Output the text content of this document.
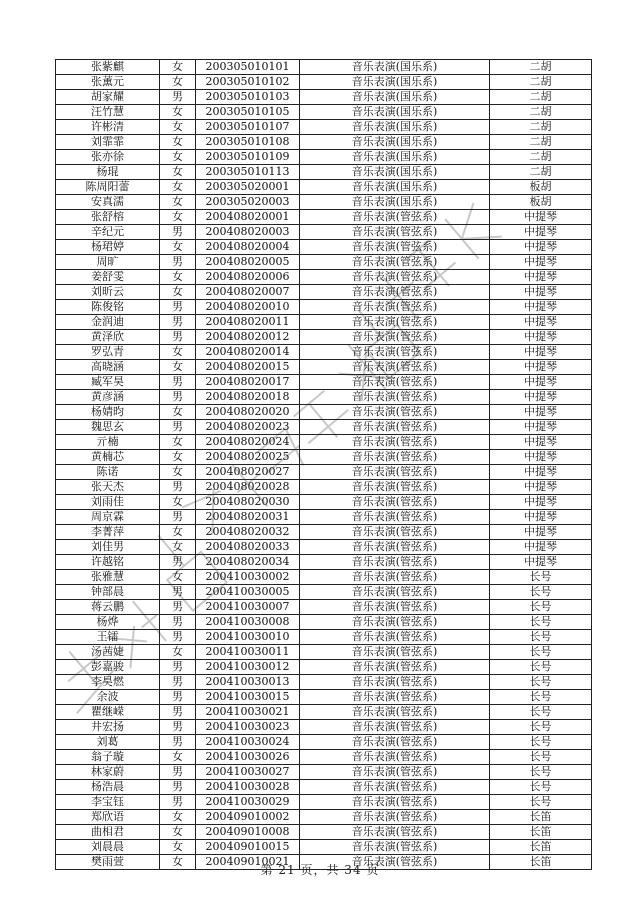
张紫麒	女	200305010101	音乐表演(国乐系)	二胡
张薰元	女	200305010102	音乐表演(国乐系)	二胡
胡家耀	男	200305010103	音乐表演(国乐系)	二胡
汪竹慧	女	200305010105	音乐表演(国乐系)	二胡
许彬清	女	200305010107	音乐表演(国乐系)	二胡
刘霏霏	女	200305010108	音乐表演(国乐系)	二胡
张亦徐	女	200305010109	音乐表演(国乐系)	二胡
杨琨	女	200305010113	音乐表演(国乐系)	二胡
陈周阳蕾	女	200305020001	音乐表演(国乐系)	板胡
安真濡	女	200305020003	音乐表演(国乐系)	板胡
张舒榕	女	200408020001	音乐表演(管弦系)	中提琴
辛纪元	男	200408020003	音乐表演(管弦系)	中提琴
杨珺婷	女	200408020004	音乐表演(管弦系)	中提琴
周旷	男	200408020005	音乐表演(管弦系)	中提琴
姜舒雯	女	200408020006	音乐表演(管弦系)	中提琴
刘昕云	女	200408020007	音乐表演(管弦系)	中提琴
陈俊铭	男	200408020010	音乐表演(管弦系)	中提琴
金润迪	男	200408020011	音乐表演(管弦系)	中提琴
黄泽欣	男	200408020012	音乐表演(管弦系)	中提琴
罗弘青	女	200408020014	音乐表演(管弦系)	中提琴
高晓涵	女	200408020015	音乐表演(管弦系)	中提琴
臧军昊	男	200408020017	音乐表演(管弦系)	中提琴
黄彦涵	男	200408020018	音乐表演(管弦系)	中提琴
杨婧昀	女	200408020020	音乐表演(管弦系)	中提琴
魏思玄	男	200408020023	音乐表演(管弦系)	中提琴
亓楠	女	200408020024	音乐表演(管弦系)	中提琴
黄楠芯	女	200408020025	音乐表演(管弦系)	中提琴
陈诺	女	200408020027	音乐表演(管弦系)	中提琴
张天杰	男	200408020028	音乐表演(管弦系)	中提琴
刘雨佳	女	200408020030	音乐表演(管弦系)	中提琴
周京霖	男	200408020031	音乐表演(管弦系)	中提琴
李菁萍	女	200408020032	音乐表演(管弦系)	中提琴
刘佳男	女	200408020033	音乐表演(管弦系)	中提琴
许越铭	男	200408020034	音乐表演(管弦系)	中提琴
张雅慧	女	200410030002	音乐表演(管弦系)	长号
钟部晨	男	200410030005	音乐表演(管弦系)	长号
蒋云鹏	男	200410030007	音乐表演(管弦系)	长号
杨烨	男	200410030008	音乐表演(管弦系)	长号
王镭	男	200410030010	音乐表演(管弦系)	长号
汤茜婕	女	200410030011	音乐表演(管弦系)	长号
彭嘉骏	男	200410030012	音乐表演(管弦系)	长号
李昊燃	男	200410030013	音乐表演(管弦系)	长号
余波	男	200410030015	音乐表演(管弦系)	长号
瞿继嵘	男	200410030021	音乐表演(管弦系)	长号
井宏扬	男	200410030023	音乐表演(管弦系)	长号
刘葛	男	200410030024	音乐表演(管弦系)	长号
翁子璇	女	200410030026	音乐表演(管弦系)	长号
林家蔚	男	200410030027	音乐表演(管弦系)	长号
杨浩晨	男	200410030028	音乐表演(管弦系)	长号
李宝钰	男	200410030029	音乐表演(管弦系)	长号
郑欣语	女	200409010002	音乐表演(管弦系)	长笛
曲相君	女	200409010008	音乐表演(管弦系)	长笛
刘晨晨	女	200409010015	音乐表演(管弦系)	长笛
樊雨萱	女	200409010021	音乐表演(管弦系)	长笛
第 21 页，共 34 页
